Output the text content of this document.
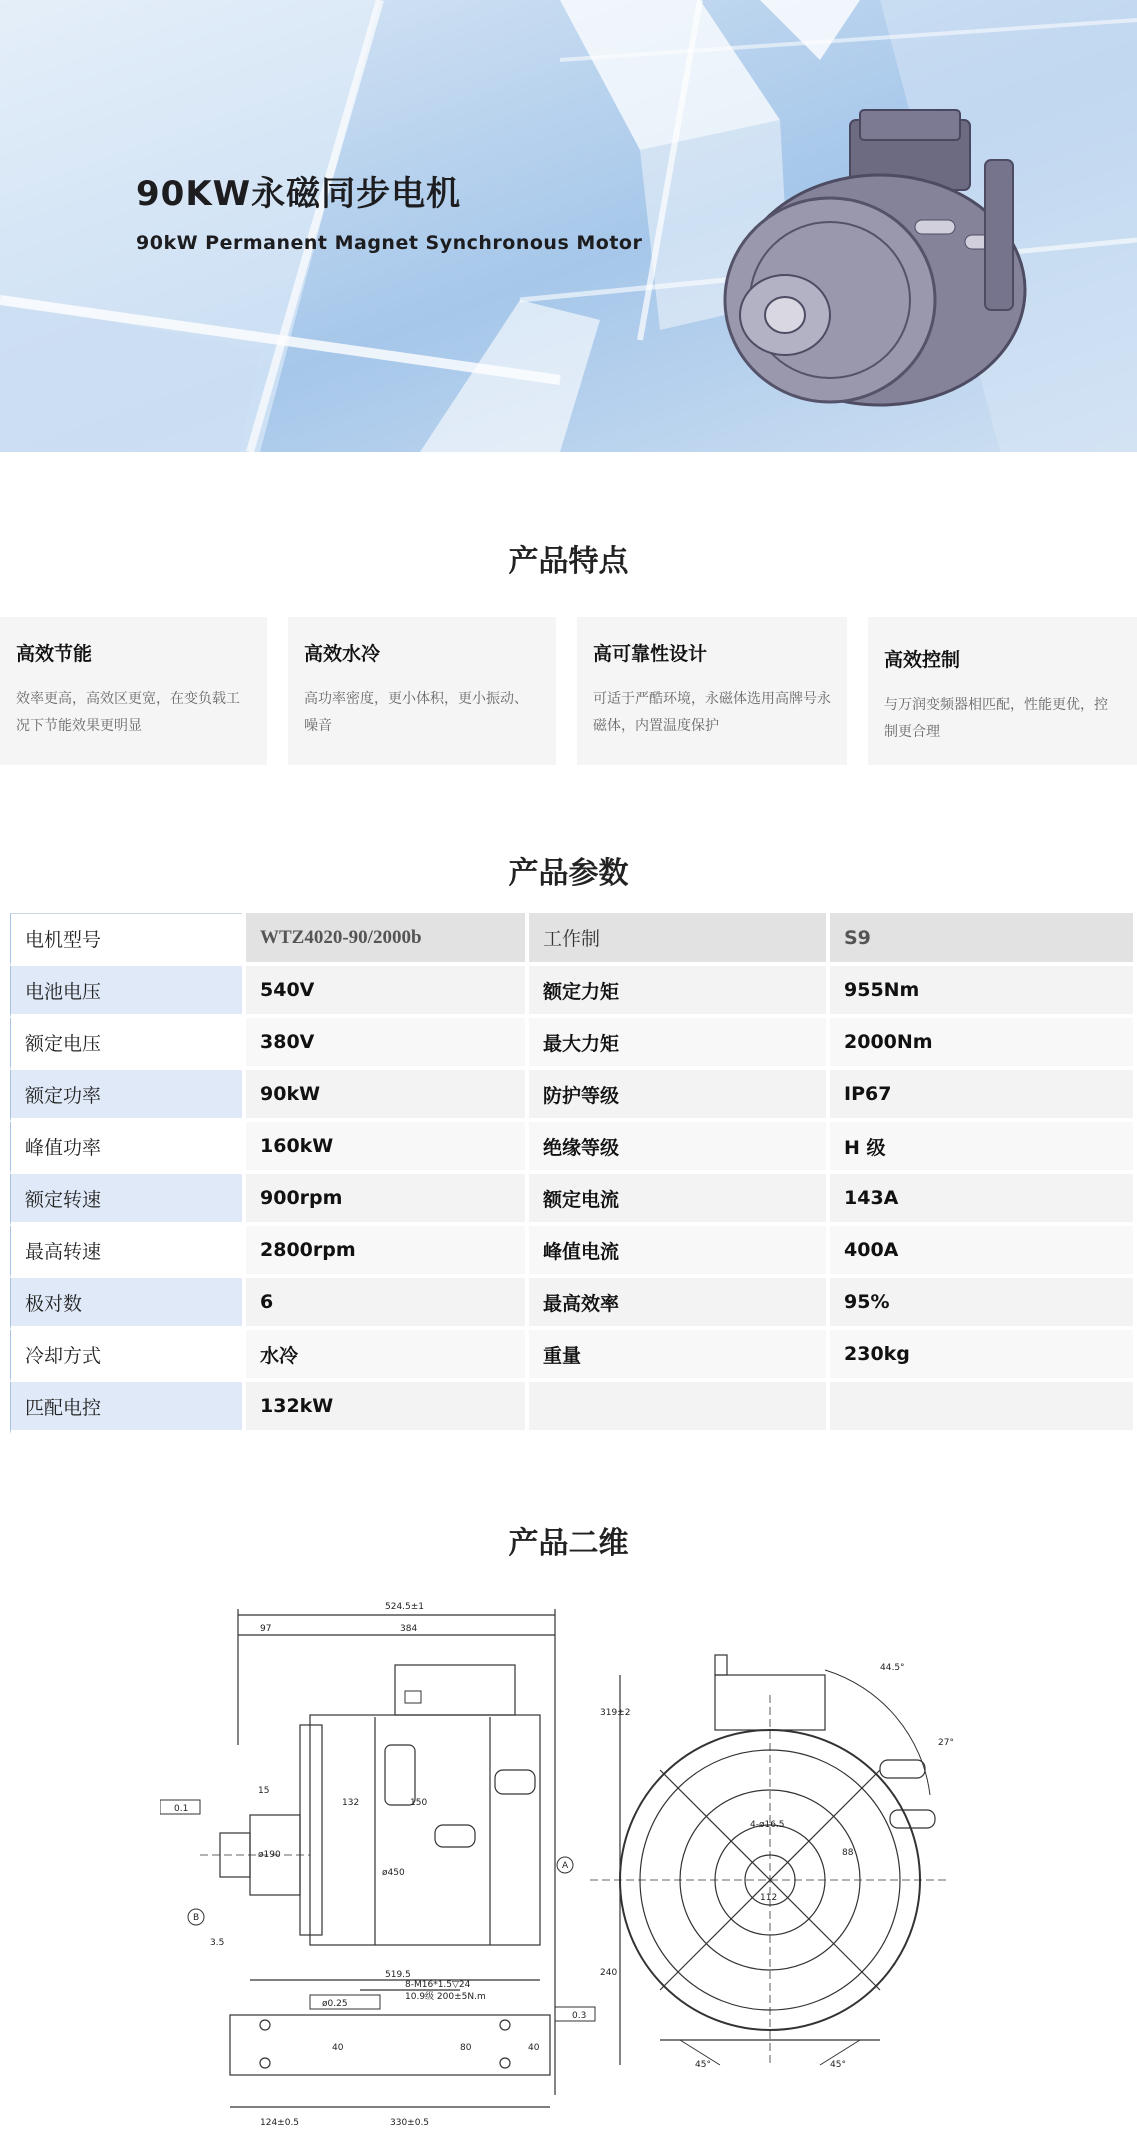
90KW永磁同步电机
90kW Permanent Magnet Synchronous Motor
产品特点
高效节能
效率更高，高效区更宽，在变负载工况下节能效果更明显
高效水冷
高功率密度，更小体积，更小振动、噪音
高可靠性设计
可适于严酷环境，永磁体选用高牌号永磁体，内置温度保护
高效控制
与万润变频器相匹配，性能更优，控制更合理
产品参数
电机型号	WTZ4020-90/2000b	工作制	S9
电池电压	540V	额定力矩	955Nm
额定电压	380V	最大力矩	2000Nm
额定功率	90kW	防护等级	IP67
峰值功率	160kW	绝缘等级	H 级
额定转速	900rpm	额定电流	143A
最高转速	2800rpm	峰值电流	400A
极对数	6	最高效率	95%
冷却方式	水冷	重量	230kg
匹配电控	132kW		
产品二维
524.5±1
97	384
15
132	150
ø450
ø190
519.5
3.5
124±0.5	330±0.5
40	80	40
0.1
0.3
ø0.25
8-M16*1.5▽24
10.9级 200±5N.m
A
B
319±2
240
44.5°
27°
45°	45°
112
88
4-ø16.5
